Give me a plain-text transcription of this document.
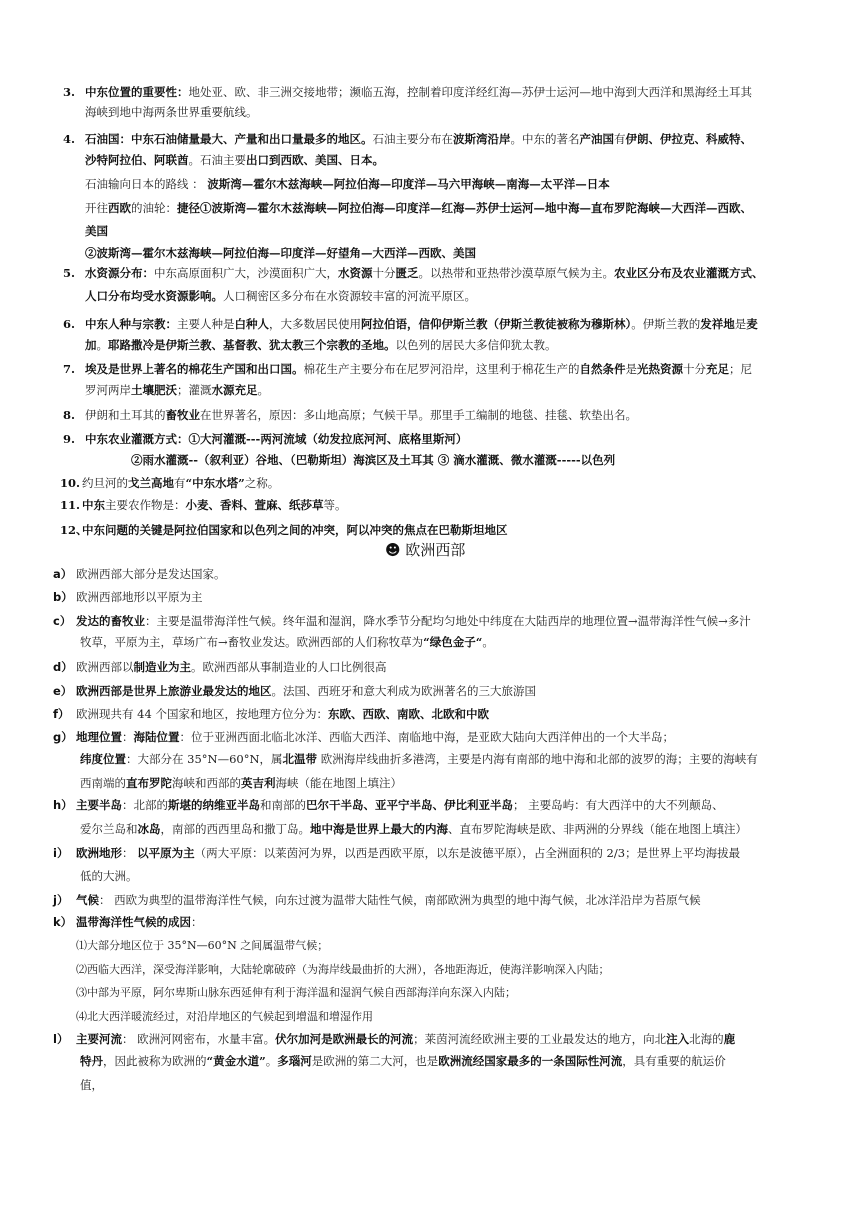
3. 中东位置的重要性：地处亚、欧、非三洲交接地带；濒临五海，控制着印度洋经红海—苏伊士运河—地中海到大西洋和黑海经土耳其
海峡到地中海两条世界重要航线。
4. 石油国：中东石油储量最大、产量和出口量最多的地区。石油主要分布在波斯湾沿岸。中东的著名产油国有伊朗、伊拉克、科威特、
沙特阿拉伯、阿联酋。石油主要出口到西欧、美国、日本。
石油输向日本的路线 ： 波斯湾—霍尔木兹海峡—阿拉伯海—印度洋—马六甲海峡—南海—太平洋—日本
开往西欧的油轮：捷径①波斯湾—霍尔木兹海峡—阿拉伯海—印度洋—红海—苏伊士运河—地中海—直布罗陀海峡—大西洋—西欧、
美国
②波斯湾—霍尔木兹海峡—阿拉伯海—印度洋—好望角—大西洋—西欧、美国
5. 水资源分布：中东高原面积广大，沙漠面积广大，水资源十分匮乏。以热带和亚热带沙漠草原气候为主。农业区分布及农业灌溉方式、
人口分布均受水资源影响。人口稠密区多分布在水资源较丰富的河流平原区。
6. 中东人种与宗教：主要人种是白种人，大多数居民使用阿拉伯语，信仰伊斯兰教（伊斯兰教徒被称为穆斯林）。伊斯兰教的发祥地是麦
加。耶路撒冷是伊斯兰教、基督教、犹太教三个宗教的圣地。以色列的居民大多信仰犹太教。
7. 埃及是世界上著名的棉花生产国和出口国。棉花生产主要分布在尼罗河沿岸，这里利于棉花生产的自然条件是光热资源十分充足；尼
罗河两岸土壤肥沃；灌溉水源充足。
8. 伊朗和土耳其的畜牧业在世界著名，原因：多山地高原；气候干旱。那里手工编制的地毯、挂毯、软垫出名。
9. 中东农业灌溉方式：①大河灌溉---两河流域（幼发拉底河河、底格里斯河）
②雨水灌溉--（叙利亚）谷地、（巴勒斯坦）海滨区及土耳其 ③ 滴水灌溉、微水灌溉-----以色列
10. 约旦河的戈兰高地有“中东水塔”之称。
11. 中东主要农作物是：小麦、香料、萱麻、纸莎草等。
12、
中东问题的关键是阿拉伯国家和以色列之间的冲突，阿以冲突的焦点在巴勒斯坦地区
☻ 欧洲西部
a） 欧洲西部大部分是发达国家。
b） 欧洲西部地形以平原为主
c） 发达的畜牧业：主要是温带海洋性气候。终年温和湿润，降水季节分配均匀地处中纬度在大陆西岸的地理位置→温带海洋性气候→多汁
牧草，平原为主，草场广布→畜牧业发达。欧洲西部的人们称牧草为“绿色金子“。
d） 欧洲西部以制造业为主。欧洲西部从事制造业的人口比例很高
e） 欧洲西部是世界上旅游业最发达的地区。法国、西班牙和意大利成为欧洲著名的三大旅游国
f） 欧洲现共有 44 个国家和地区，按地理方位分为：东欧、西欧、南欧、北欧和中欧
g） 地理位置：海陆位置：位于亚洲西面北临北冰洋、西临大西洋、南临地中海，是亚欧大陆向大西洋伸出的一个大半岛；
纬度位置：大部分在 35°N—60°N，属北温带 欧洲海岸线曲折多港湾，主要是内海有南部的地中海和北部的波罗的海；主要的海峡有
西南端的直布罗陀海峡和西部的英吉利海峡（能在地图上填注）
h） 主要半岛：北部的斯堪的纳维亚半岛和南部的巴尔干半岛、亚平宁半岛、伊比利亚半岛； 主要岛屿：有大西洋中的大不列颠岛、
爱尔兰岛和冰岛，南部的西西里岛和撒丁岛。地中海是世界上最大的内海、直布罗陀海峡是欧、非两洲的分界线（能在地图上填注）
i） 欧洲地形： 以平原为主（两大平原：以莱茵河为界，以西是西欧平原，以东是波德平原），占全洲面积的 2/3；是世界上平均海拔最
低的大洲。
j） 气候： 西欧为典型的温带海洋性气候，向东过渡为温带大陆性气候，南部欧洲为典型的地中海气候，北冰洋沿岸为苔原气候
k） 温带海洋性气候的成因：
⑴大部分地区位于 35°N—60°N 之间属温带气候；
⑵西临大西洋，深受海洋影响，大陆轮廓破碎（为海岸线最曲折的大洲），各地距海近，使海洋影响深入内陆；
⑶中部为平原，阿尔卑斯山脉东西延伸有利于海洋温和湿润气候自西部海洋向东深入内陆；
⑷北大西洋暖流经过，对沿岸地区的气候起到增温和增湿作用
l） 主要河流： 欧洲河网密布，水量丰富。伏尔加河是欧洲最长的河流；莱茵河流经欧洲主要的工业最发达的地方，向北注入北海的鹿
特丹，因此被称为欧洲的“黄金水道”。多瑙河是欧洲的第二大河，也是欧洲流经国家最多的一条国际性河流，具有重要的航运价
值，
